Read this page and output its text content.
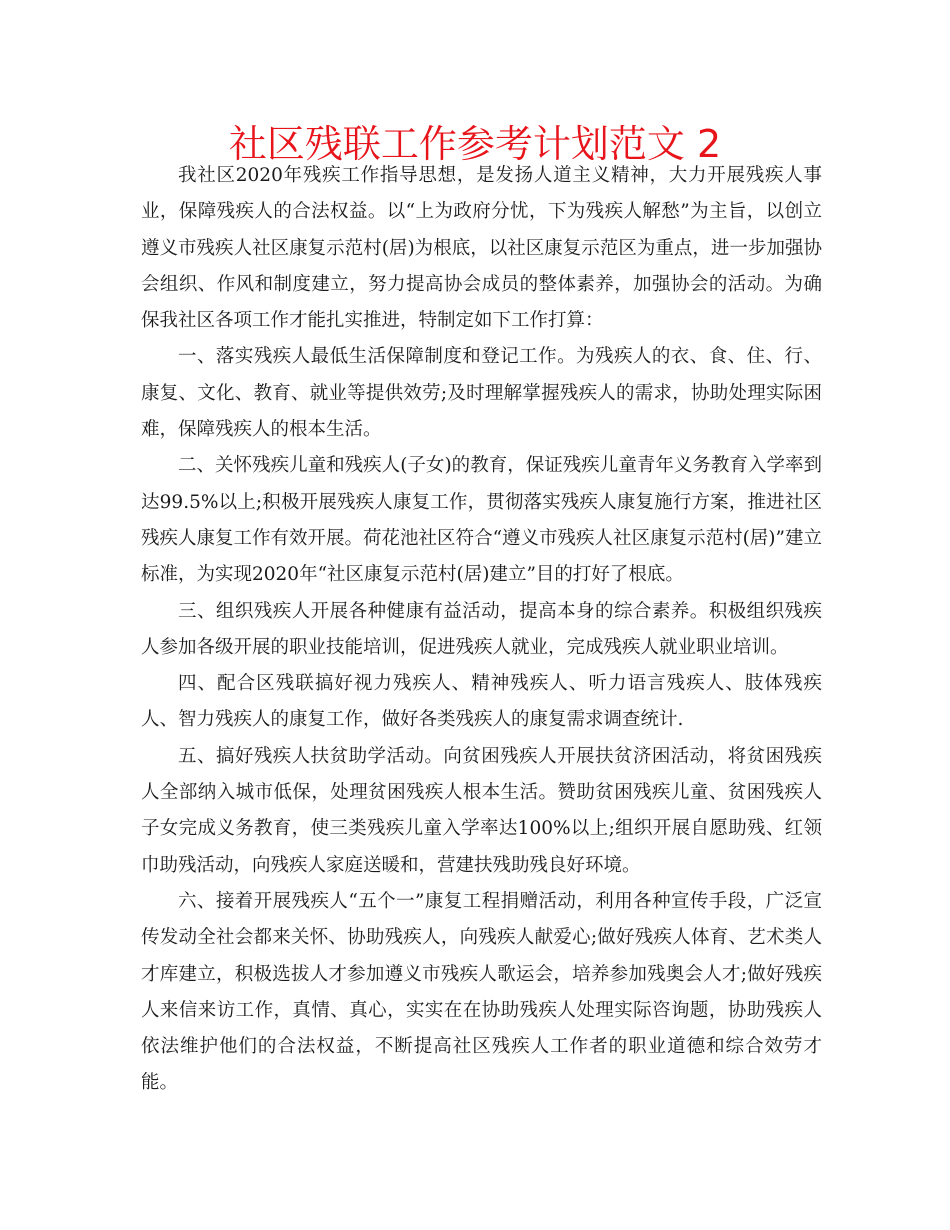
社区残联工作参考计划范文 2

我社区2020年残疾工作指导思想，是发扬人道主义精神，大力开展残疾人事业，保障残疾人的合法权益。以“上为政府分忧，下为残疾人解愁”为主旨，以创立遵义市残疾人社区康复示范村(居)为根底，以社区康复示范区为重点，进一步加强协会组织、作风和制度建立，努力提高协会成员的整体素养，加强协会的活动。为确保我社区各项工作才能扎实推进，特制定如下工作打算：

一、落实残疾人最低生活保障制度和登记工作。为残疾人的衣、食、住、行、康复、文化、教育、就业等提供效劳;及时理解掌握残疾人的需求，协助处理实际困难，保障残疾人的根本生活。

二、关怀残疾儿童和残疾人(子女)的教育，保证残疾儿童青年义务教育入学率到达99.5%以上;积极开展残疾人康复工作，贯彻落实残疾人康复施行方案，推进社区残疾人康复工作有效开展。荷花池社区符合“遵义市残疾人社区康复示范村(居)”建立标准，为实现2020年“社区康复示范村(居)建立”目的打好了根底。

三、组织残疾人开展各种健康有益活动，提高本身的综合素养。积极组织残疾人参加各级开展的职业技能培训，促进残疾人就业，完成残疾人就业职业培训。

四、配合区残联搞好视力残疾人、精神残疾人、听力语言残疾人、肢体残疾人、智力残疾人的康复工作，做好各类残疾人的康复需求调查统计.

五、搞好残疾人扶贫助学活动。向贫困残疾人开展扶贫济困活动，将贫困残疾人全部纳入城市低保，处理贫困残疾人根本生活。赞助贫困残疾儿童、贫困残疾人子女完成义务教育，使三类残疾儿童入学率达100%以上;组织开展自愿助残、红领巾助残活动，向残疾人家庭送暖和，营建扶残助残良好环境。

六、接着开展残疾人“五个一”康复工程捐赠活动，利用各种宣传手段，广泛宣传发动全社会都来关怀、协助残疾人，向残疾人献爱心;做好残疾人体育、艺术类人才库建立，积极选拔人才参加遵义市残疾人歌运会，培养参加残奥会人才;做好残疾人来信来访工作，真情、真心，实实在在协助残疾人处理实际咨询题，协助残疾人依法维护他们的合法权益，不断提高社区残疾人工作者的职业道德和综合效劳才能。
